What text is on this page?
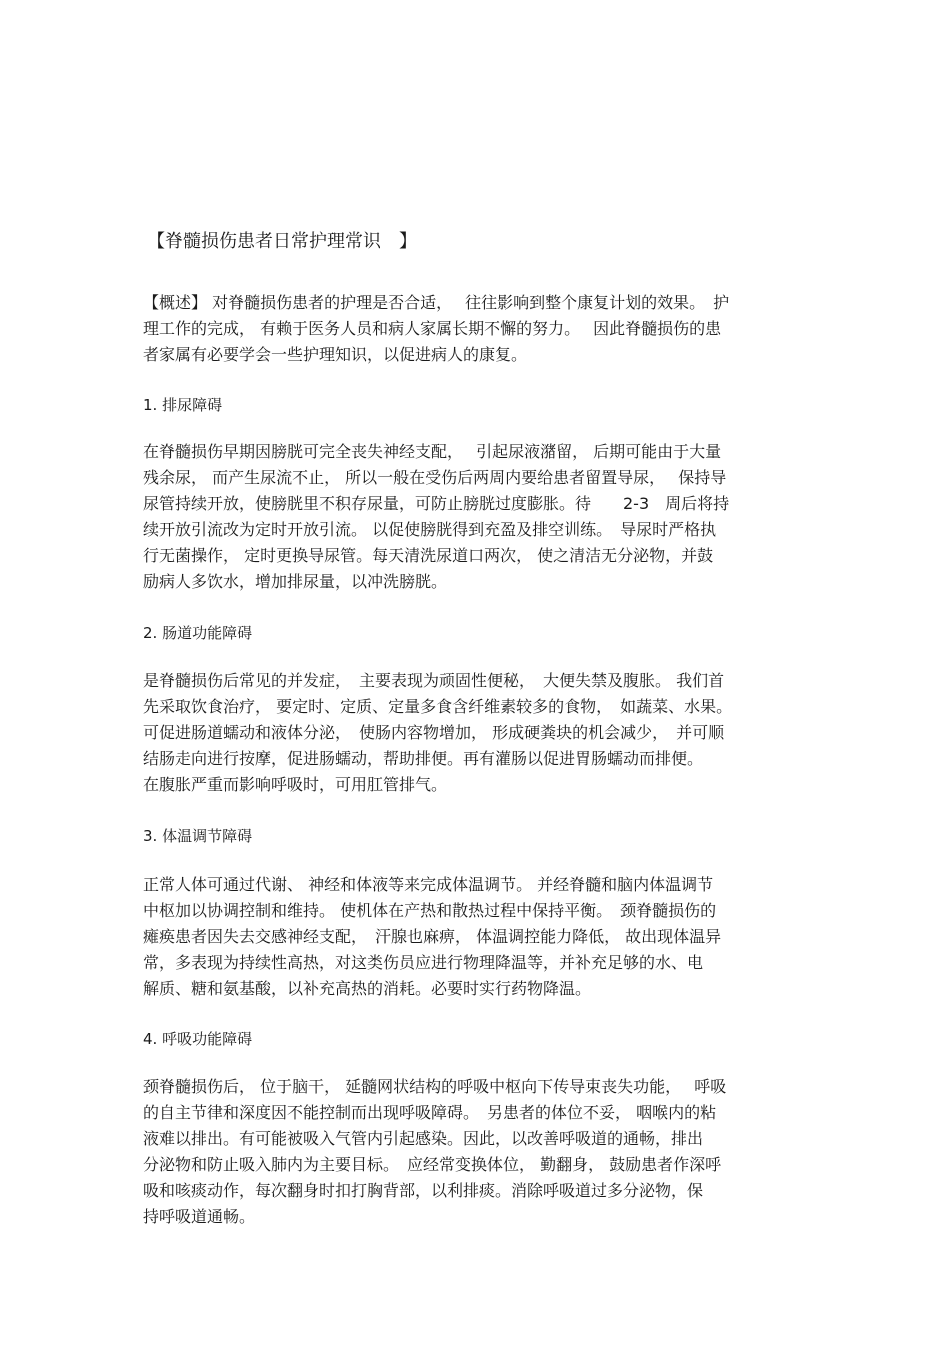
【脊髓损伤患者日常护理常识　】
【概述】 对脊髓损伤患者的护理是否合适，　 往往影响到整个康复计划的效果。　护
理工作的完成， 有赖于医务人员和病人家属长期不懈的努力。　 因此脊髓损伤的患
者家属有必要学会一些护理知识，以促进病人的康复。
1. 排尿障碍
在脊髓损伤早期因膀胱可完全丧失神经支配，　 引起尿液潴留， 后期可能由于大量
残余尿， 而产生尿流不止， 所以一般在受伤后两周内要给患者留置导尿，　 保持导
尿管持续开放，使膀胱里不积存尿量，可防止膀胱过度膨胀。待　　2-3　周后将持
续开放引流改为定时开放引流。 以促使膀胱得到充盈及排空训练。　导尿时严格执
行无菌操作， 定时更换导尿管。每天清洗尿道口两次， 使之清洁无分泌物，并鼓
励病人多饮水，增加排尿量，以冲洗膀胱。
2. 肠道功能障碍
是脊髓损伤后常见的并发症，　主要表现为顽固性便秘，　大便失禁及腹胀。 我们首
先采取饮食治疗， 要定时、定质、定量多食含纤维素较多的食物，　如蔬菜、水果。
可促进肠道蠕动和液体分泌，　使肠内容物增加， 形成硬粪块的机会减少，　并可顺
结肠走向进行按摩，促进肠蠕动，帮助排便。再有灌肠以促进胃肠蠕动而排便。
在腹胀严重而影响呼吸时，可用肛管排气。
3. 体温调节障碍
正常人体可通过代谢、 神经和体液等来完成体温调节。 并经脊髓和脑内体温调节
中枢加以协调控制和维持。 使机体在产热和散热过程中保持平衡。　颈脊髓损伤的
瘫痪患者因失去交感神经支配，　汗腺也麻痹， 体温调控能力降低， 故出现体温异
常，多表现为持续性高热，对这类伤员应进行物理降温等，并补充足够的水、电
解质、糖和氨基酸，以补充高热的消耗。必要时实行药物降温。
4. 呼吸功能障碍
颈脊髓损伤后， 位于脑干， 延髓网状结构的呼吸中枢向下传导束丧失功能，　 呼吸
的自主节律和深度因不能控制而出现呼吸障碍。　另患者的体位不妥， 咽喉内的粘
液难以排出。有可能被吸入气管内引起感染。因此，以改善呼吸道的通畅，排出
分泌物和防止吸入肺内为主要目标。　应经常变换体位， 勤翻身， 鼓励患者作深呼
吸和咳痰动作，每次翻身时扣打胸背部，以利排痰。消除呼吸道过多分泌物，保
持呼吸道通畅。
